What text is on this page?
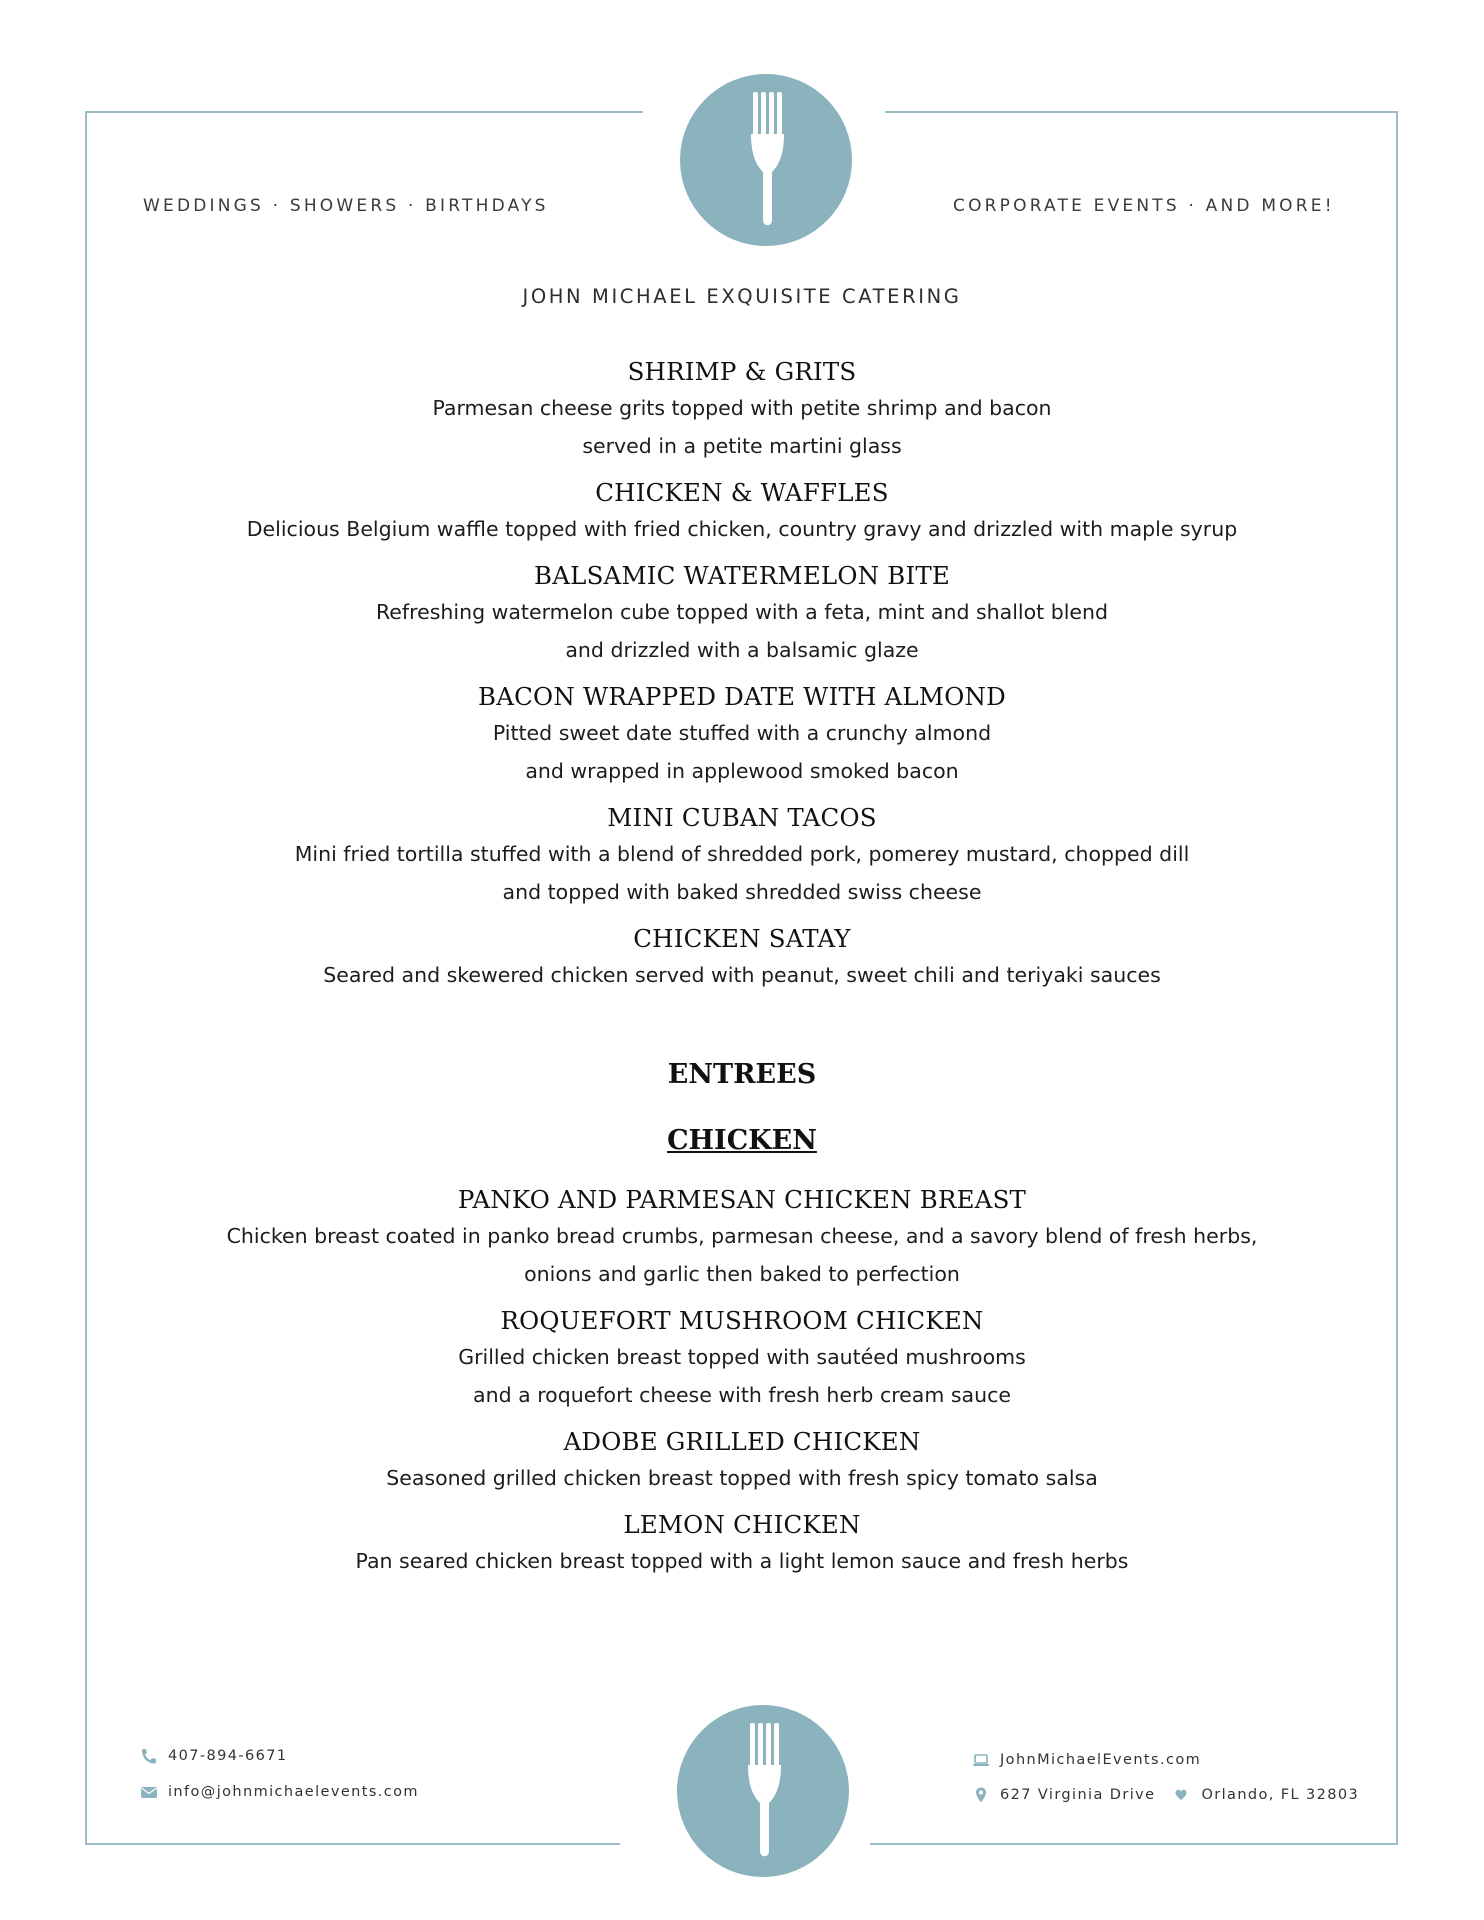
WEDDINGS · SHOWERS · BIRTHDAYS	CORPORATE EVENTS · AND MORE!
JOHN MICHAEL EXQUISITE CATERING
SHRIMP & GRITS
Parmesan cheese grits topped with petite shrimp and bacon
served in a petite martini glass
CHICKEN & WAFFLES
Delicious Belgium waffle topped with fried chicken, country gravy and drizzled with maple syrup
BALSAMIC WATERMELON BITE
Refreshing watermelon cube topped with a feta, mint and shallot blend
and drizzled with a balsamic glaze
BACON WRAPPED DATE WITH ALMOND
Pitted sweet date stuffed with a crunchy almond
and wrapped in applewood smoked bacon
MINI CUBAN TACOS
Mini fried tortilla stuffed with a blend of shredded pork, pomerey mustard, chopped dill
and topped with baked shredded swiss cheese
CHICKEN SATAY
Seared and skewered chicken served with peanut, sweet chili and teriyaki sauces
ENTREES
CHICKEN
PANKO AND PARMESAN CHICKEN BREAST
Chicken breast coated in panko bread crumbs, parmesan cheese, and a savory blend of fresh herbs,
onions and garlic then baked to perfection
ROQUEFORT MUSHROOM CHICKEN
Grilled chicken breast topped with sautéed mushrooms
and a roquefort cheese with fresh herb cream sauce
ADOBE GRILLED CHICKEN
Seasoned grilled chicken breast topped with fresh spicy tomato salsa
LEMON CHICKEN
Pan seared chicken breast topped with a light lemon sauce and fresh herbs
407-894-6671
info@johnmichaelevents.com
JohnMichaelEvents.com
627 Virginia Drive	Orlando, FL 32803
